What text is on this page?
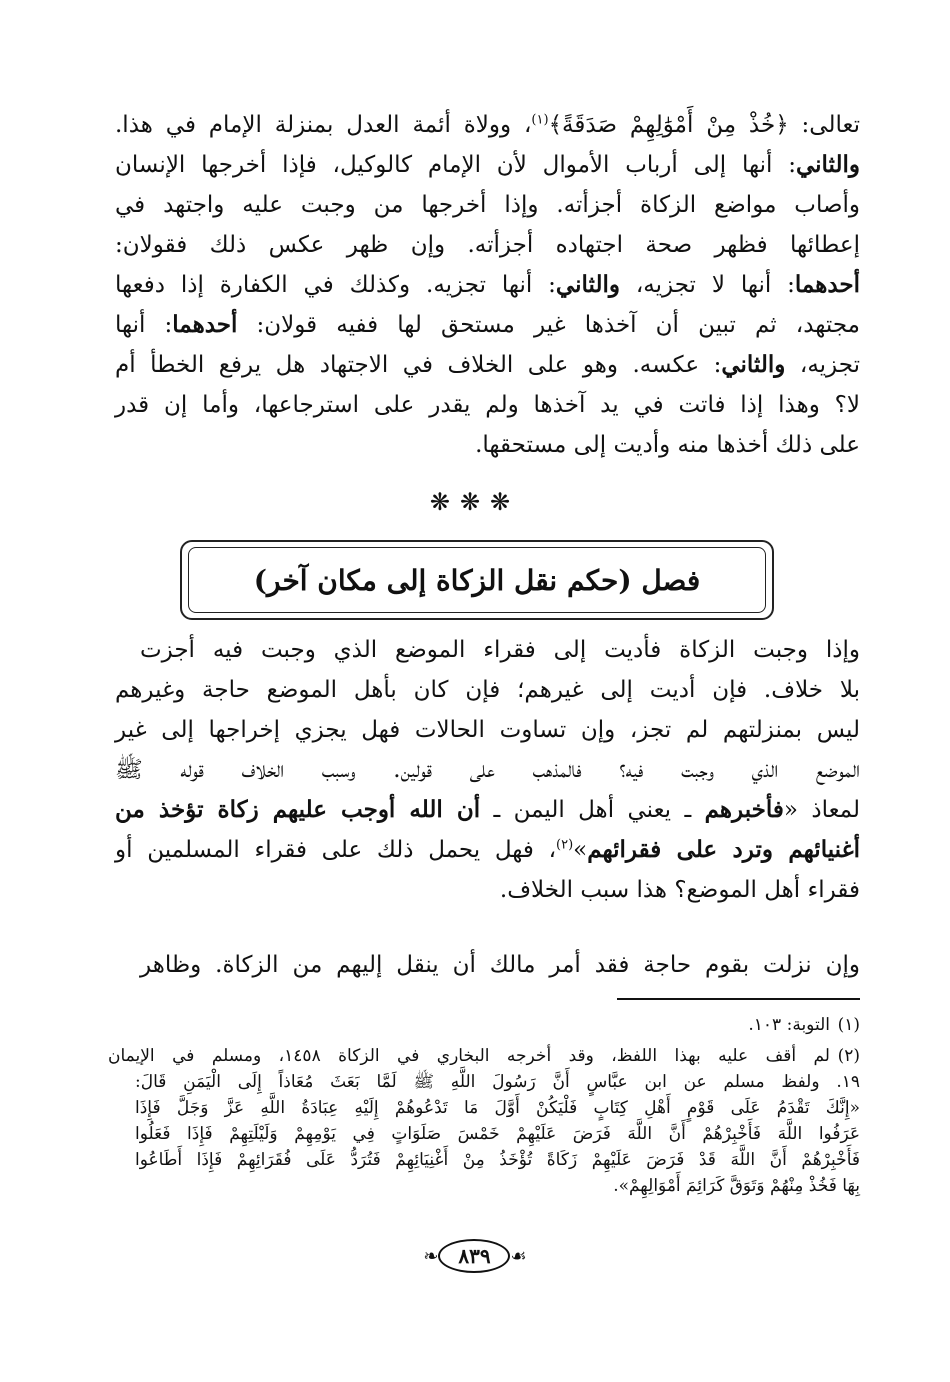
تعالى: ﴿خُذْ مِنْ أَمْوَٰلِهِمْ صَدَقَةً﴾$^{(١)}$، وولاة أئمة العدل بمنزلة الإمام في هذا.
والثاني: أنها إلى أرباب الأموال لأن الإمام كالوكيل، فإذا أخرجها الإنسان
وأصاب مواضع الزكاة أجزأته. وإذا أخرجها من وجبت عليه واجتهد في
إعطائها فظهر صحة اجتهاده أجزأته. وإن ظهر عكس ذلك فقولان:
أحدهما: أنها لا تجزيه، والثاني: أنها تجزيه. وكذلك في الكفارة إذا دفعها
مجتهد، ثم تبين أن آخذها غير مستحق لها ففيه قولان: أحدهما: أنها
تجزيه، والثاني: عكسه. وهو على الخلاف في الاجتهاد هل يرفع الخطأ أم
لا؟ وهذا إذا فاتت في يد آخذها ولم يقدر على استرجاعها، وأما إن قدر
على ذلك أخذها منه وأديت إلى مستحقها.
❋❋❋
فصل (حكم نقل الزكاة إلى مكان آخر)
وإذا وجبت الزكاة فأديت إلى فقراء الموضع الذي وجبت فيه أجزت
بلا خلاف. فإن أديت إلى غيرهم؛ فإن كان بأهل الموضع حاجة وغيرهم
ليس بمنزلتهم لم تجز، وإن تساوت الحالات فهل يجزي إخراجها إلى غير
الموضع الذي وجبت فيه؟ فالمذهب على قولين. وسبب الخلاف قوله ﷺ
لمعاذ «فأخبرهم ـ يعني أهل اليمن ـ أن الله أوجب عليهم زكاة تؤخذ من
أغنيائهم وترد على فقرائهم»$^{(٢)}$، فهل يحمل ذلك على فقراء المسلمين أو
فقراء أهل الموضع؟ هذا سبب الخلاف.
وإن نزلت بقوم حاجة فقد أمر مالك أن ينقل إليهم من الزكاة. وظاهر
(١)التوبة: ١٠٣.
(٢)لم أقف عليه بهذا اللفظ، وقد أخرجه البخاري في الزكاة ١٤٥٨، ومسلم في الإيمان
١٩. ولفظ مسلم عن ابن عبَّاسٍ أَنَّ رَسُولَ اللَّهِ ﷺ لَمَّا بَعَثَ مُعَاذاً إِلَى الْيَمَنِ قَالَ:
«إِنَّكَ تَقْدَمُ عَلَى قَوْمٍ أَهْلِ كِتَابٍ فَلْيَكُنْ أَوَّلَ مَا تَدْعُوهُمْ إِلَيْهِ عِبَادَةُ اللَّهِ عَزَّ وَجَلَّ فَإِذَا
عَرَفُوا اللَّهَ فَأَخْبِرْهُمْ أَنَّ اللَّهَ فَرَضَ عَلَيْهِمْ خَمْسَ صَلَوَاتٍ فِي يَوْمِهِمْ وَلَيْلَتِهِمْ فَإِذَا فَعَلُوا
فَأَخْبِرْهُمْ أَنَّ اللَّهَ قَدْ فَرَضَ عَلَيْهِمْ زَكَاةً تُؤْخَذُ مِنْ أَغْنِيَائِهِمْ فَتُرَدُّ عَلَى فُقَرَائِهِمْ فَإِذَا أَطَاعُوا
بِهَا فَخُذْ مِنْهُمْ وَتَوَقَّ كَرَائِمَ أَمْوَالِهِمْ».
❧ ٨٣٩	☙
